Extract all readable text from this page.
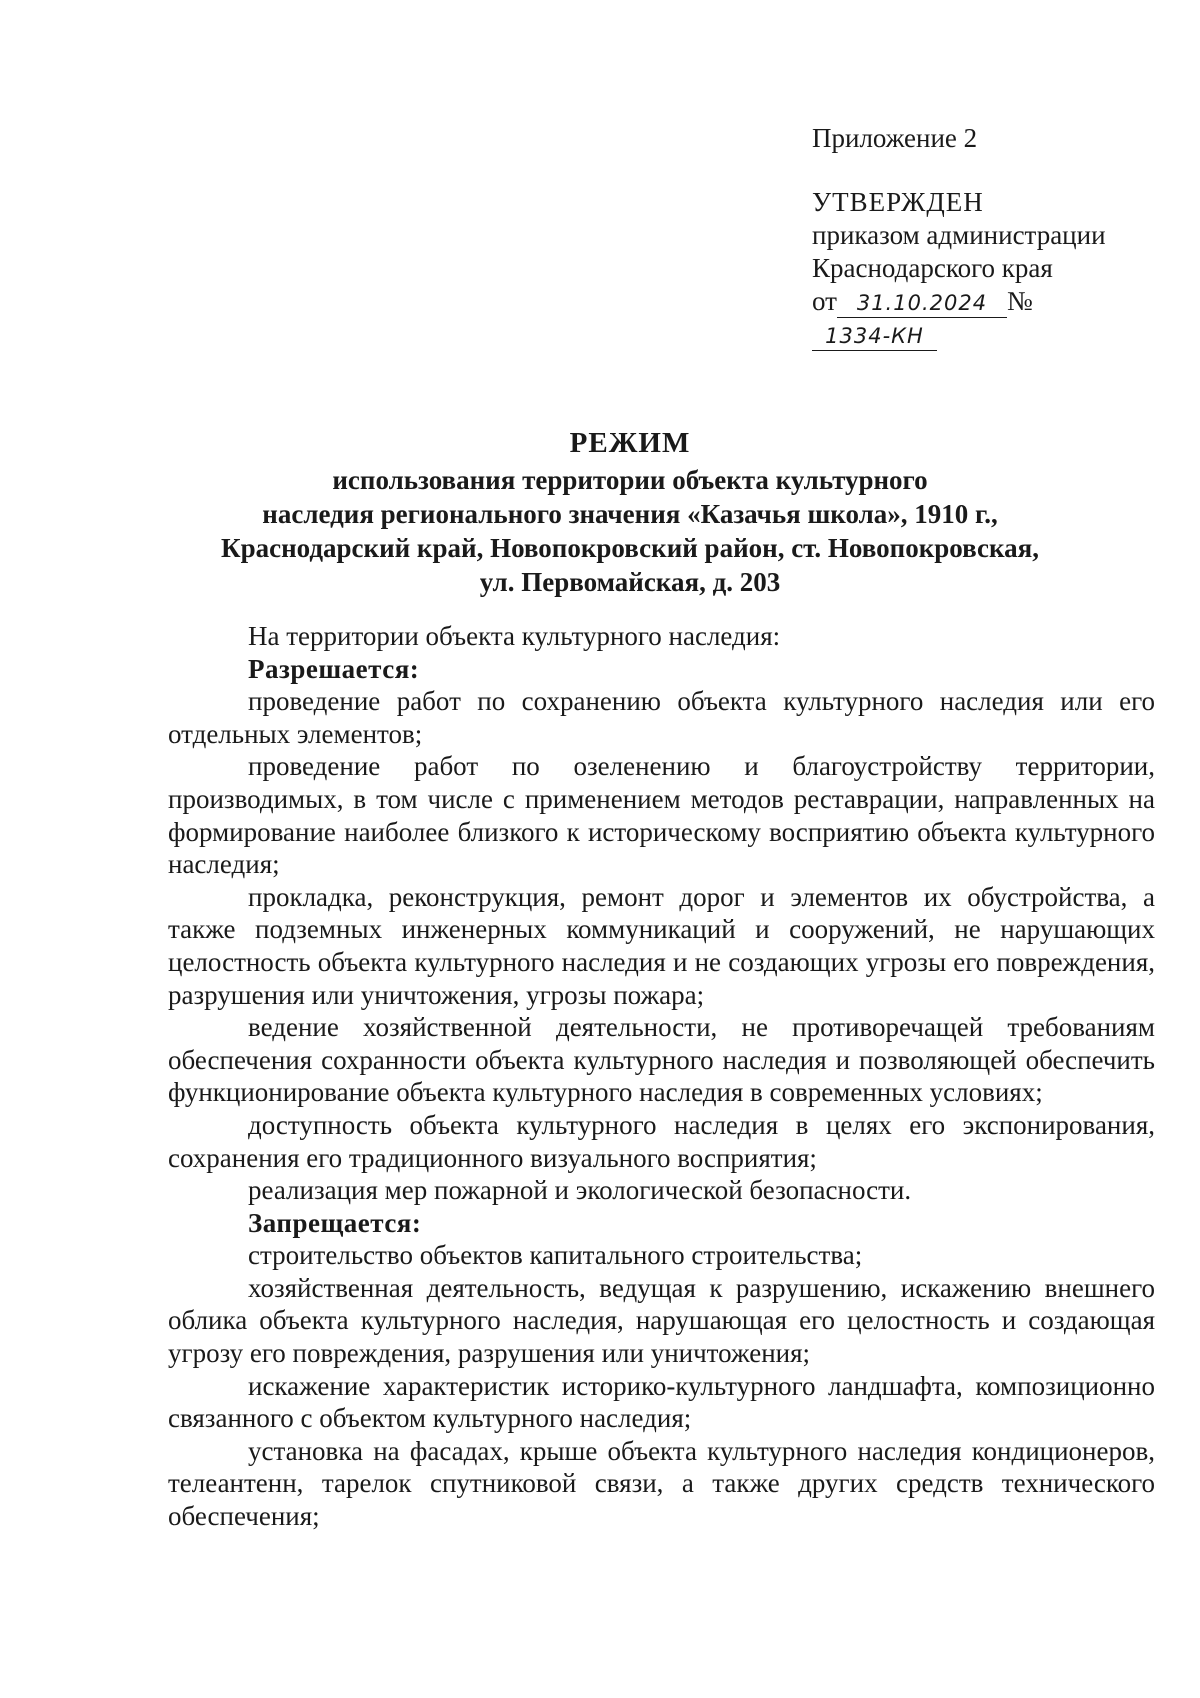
Приложение 2
УТВЕРЖДЕН
приказом администрации
Краснодарского края
от 31.10.2024 №1334-КН
РЕЖИМ
использования территории объекта культурного
наследия регионального значения «Казачья школа», 1910 г.,
Краснодарский край, Новопокровский район, ст. Новопокровская,
ул. Первомайская, д. 203

На территории объекта культурного наследия:

Разрешается:

проведение работ по сохранению объекта культурного наследия или его отдельных элементов;

проведение работ по озеленению и благоустройству территории, производимых, в том числе с применением методов реставрации, направленных на формирование наиболее близкого к историческому восприятию объекта культурного наследия;

прокладка, реконструкция, ремонт дорог и элементов их обустройства, а также подземных инженерных коммуникаций и сооружений, не нарушающих целостность объекта культурного наследия и не создающих угрозы его повреждения, разрушения или уничтожения, угрозы пожара;

ведение хозяйственной деятельности, не противоречащей требованиям обеспечения сохранности объекта культурного наследия и позволяющей обеспечить функционирование объекта культурного наследия в современных условиях;

доступность объекта культурного наследия в целях его экспонирования, сохранения его традиционного визуального восприятия;

реализация мер пожарной и экологической безопасности.

Запрещается:

строительство объектов капитального строительства;

хозяйственная деятельность, ведущая к разрушению, искажению внешнего облика объекта культурного наследия, нарушающая его целостность и создающая угрозу его повреждения, разрушения или уничтожения;

искажение характеристик историко-культурного ландшафта, композиционно связанного с объектом культурного наследия;

установка на фасадах, крыше объекта культурного наследия кондиционеров, телеантенн, тарелок спутниковой связи, а также других средств технического обеспечения;
